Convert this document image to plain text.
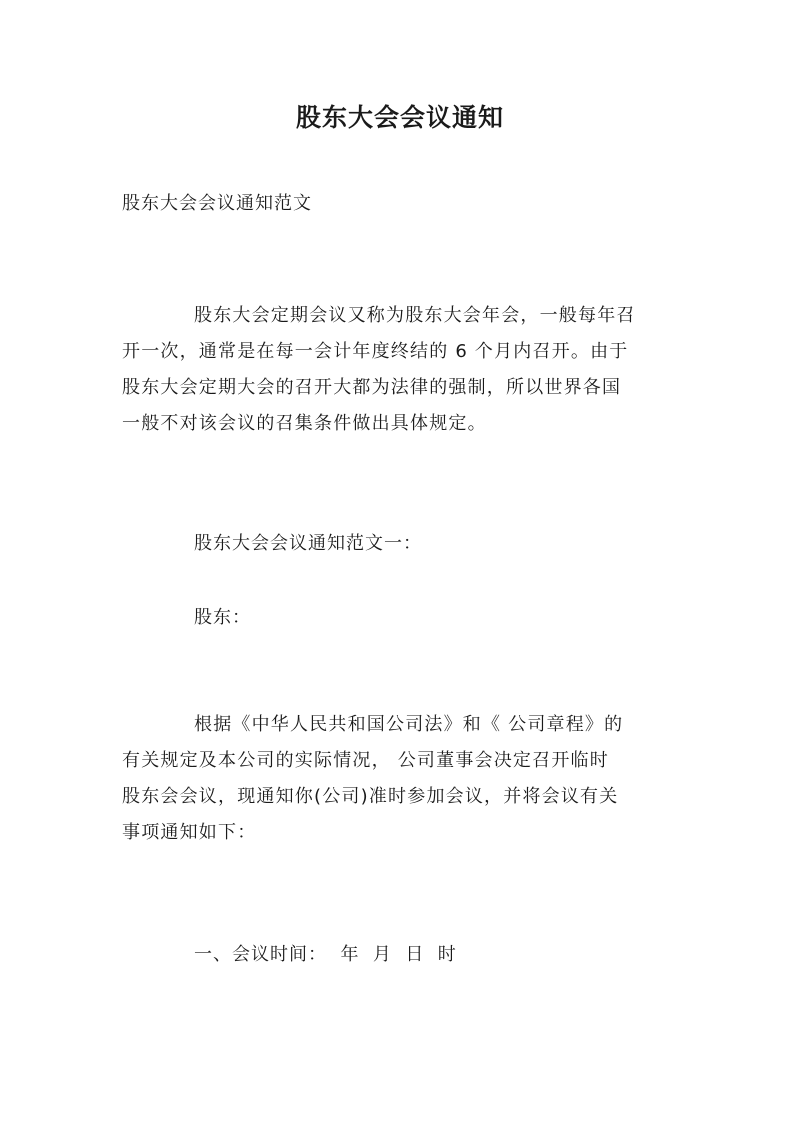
股东大会会议通知
股东大会会议通知范文
股东大会定期会议又称为股东大会年会，一般每年召
开一次，通常是在每一会计年度终结的 6 个月内召开。由于
股东大会定期大会的召开大都为法律的强制，所以世界各国
一般不对该会议的召集条件做出具体规定。
股东大会会议通知范文一：
股东：
根据《中华人民共和国公司法》和《 公司章程》的
有关规定及本公司的实际情况， 公司董事会决定召开临时
股东会会议，现通知你(公司)准时参加会议，并将会议有关
事项通知如下：
一、会议时间：  年  月  日  时
